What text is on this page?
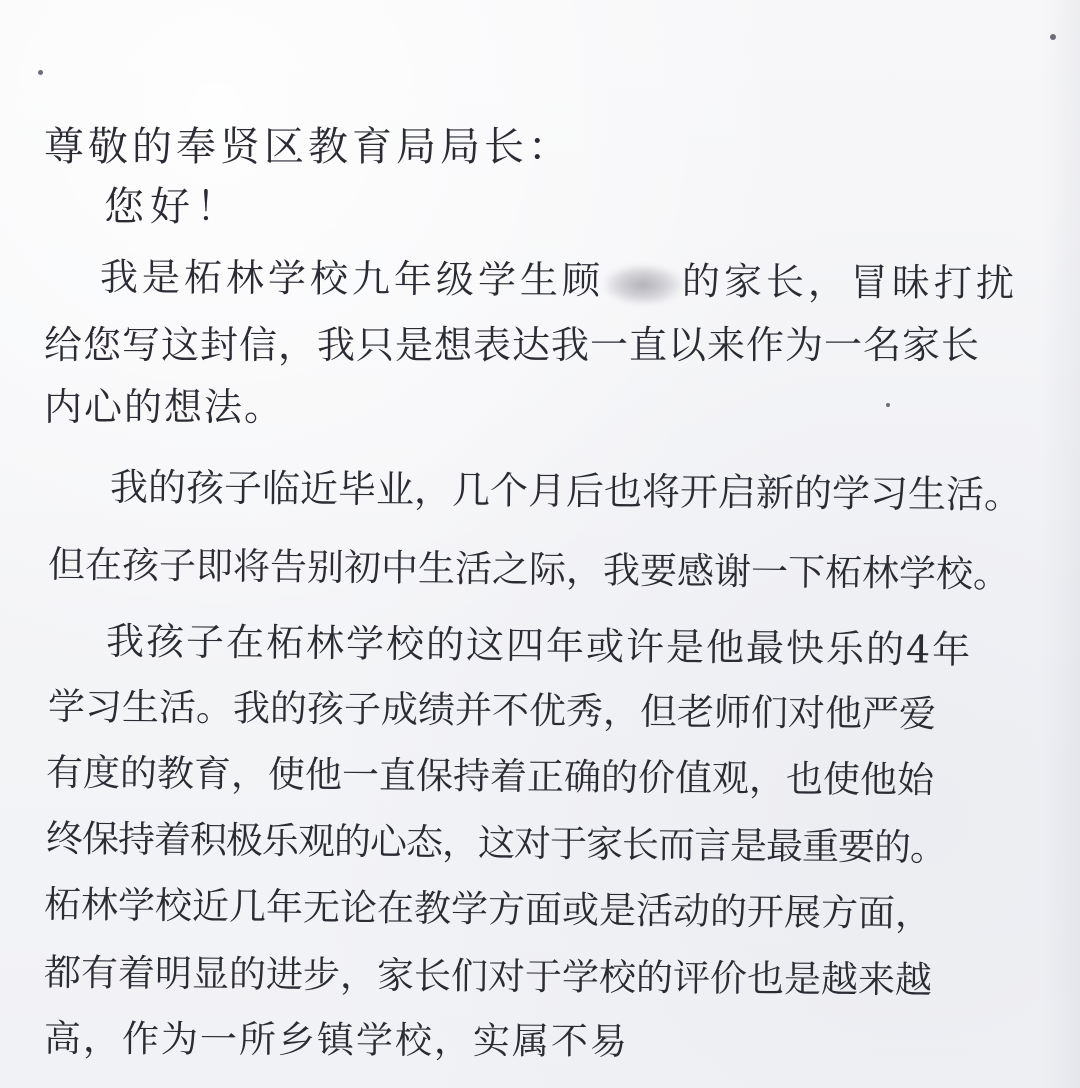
尊敬的奉贤区教育局局长：

您好！

我是柘林学校九年级学生顾 的家长，冒昧打扰

给您写这封信，我只是想表达我一直以来作为一名家长

内心的想法。

我的孩子临近毕业，几个月后也将开启新的学习生活。

但在孩子即将告别初中生活之际，我要感谢一下柘林学校。

我孩子在柘林学校的这四年或许是他最快乐的4年

学习生活。我的孩子成绩并不优秀，但老师们对他严爱

有度的教育，使他一直保持着正确的价值观，也使他始

终保持着积极乐观的心态，这对于家长而言是最重要的。

柘林学校近几年无论在教学方面或是活动的开展方面，

都有着明显的进步，家长们对于学校的评价也是越来越

高，作为一所乡镇学校，实属不易
